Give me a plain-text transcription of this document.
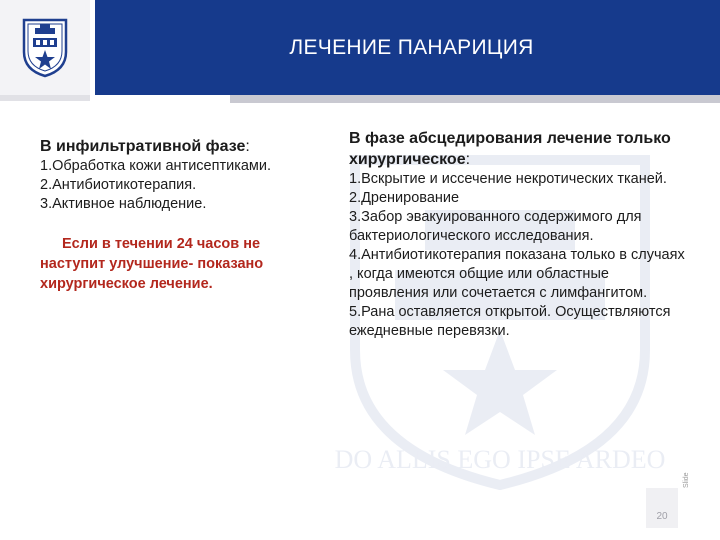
ЛЕЧЕНИЕ ПАНАРИЦИЯ
DO ALLIS EGO IPSE ARDEO
В инфильтративной фазе:
1.Обработка кожи антисептиками.
2.Антибиотикотерапия.
3.Активное наблюдение.
Если в течении 24 часов не наступит улучшение- показано хирургическое лечение.
В фазе абсцедирования лечение только хирургическое:
1.Вскрытие и иссечение некротических тканей.
2.Дренирование
3.Забор эвакуированного содержимого для бактериологического исследования.
4.Антибиотикотерапия показана только в случаях , когда имеются общие или областные проявления или сочетается с лимфангитом.
5.Рана оставляется открытой. Осуществляются ежедневные перевязки.
20
Slide
